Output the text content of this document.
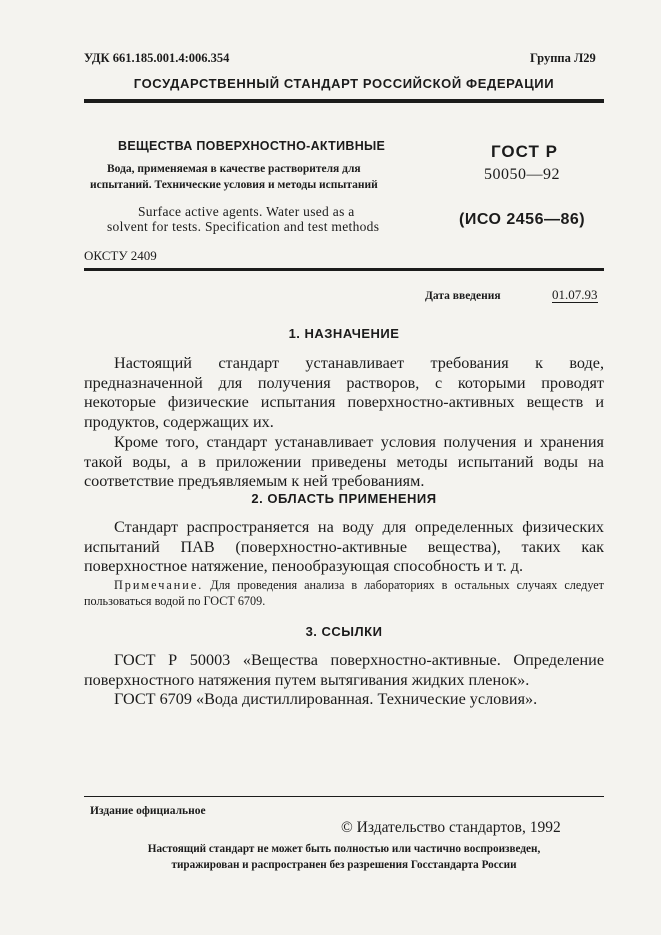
УДК 661.185.001.4:006.354	Группа Л29
ГОСУДАРСТВЕННЫЙ СТАНДАРТ РОССИЙСКОЙ ФЕДЕРАЦИИ
ВЕЩЕСТВА ПОВЕРХНОСТНО-АКТИВНЫЕ
Вода, применяемая в качестве растворителя для
испытаний. Технические условия и методы испытаний
Surface active agents. Water used as a
solvent for tests. Specification and test methods
ГОСТ Р
50050—92
(ИСО 2456—86)
ОКСТУ 2409
Дата введения	01.07.93
1. НАЗНАЧЕНИЕ

Настоящий стандарт устанавливает требования к воде, предназначенной для получения растворов, с которыми проводят некоторые физические испытания поверхностно-активных веществ и продуктов, содержащих их.

Кроме того, стандарт устанавливает условия получения и хранения такой воды, а в приложении приведены методы испытаний воды на соответствие предъявляемым к ней требованиям.

2. ОБЛАСТЬ ПРИМЕНЕНИЯ

Стандарт распространяется на воду для определенных физических испытаний ПАВ (поверхностно-активные вещества), таких как поверхностное натяжение, пенообразующая способность и т. д.

Примечание. Для проведения анализа в лабораториях в остальных случаях следует пользоваться водой по ГОСТ 6709.
3. ССЫЛКИ

ГОСТ Р 50003 «Вещества поверхностно-активные. Определение поверхностного натяжения путем вытягивания жидких пленок».

ГОСТ 6709 «Вода дистиллированная. Технические условия».

Издание официальное
© Издательство стандартов, 1992
Настоящий стандарт не может быть полностью или частично воспроизведен,
тиражирован и распространен без разрешения Госстандарта России
